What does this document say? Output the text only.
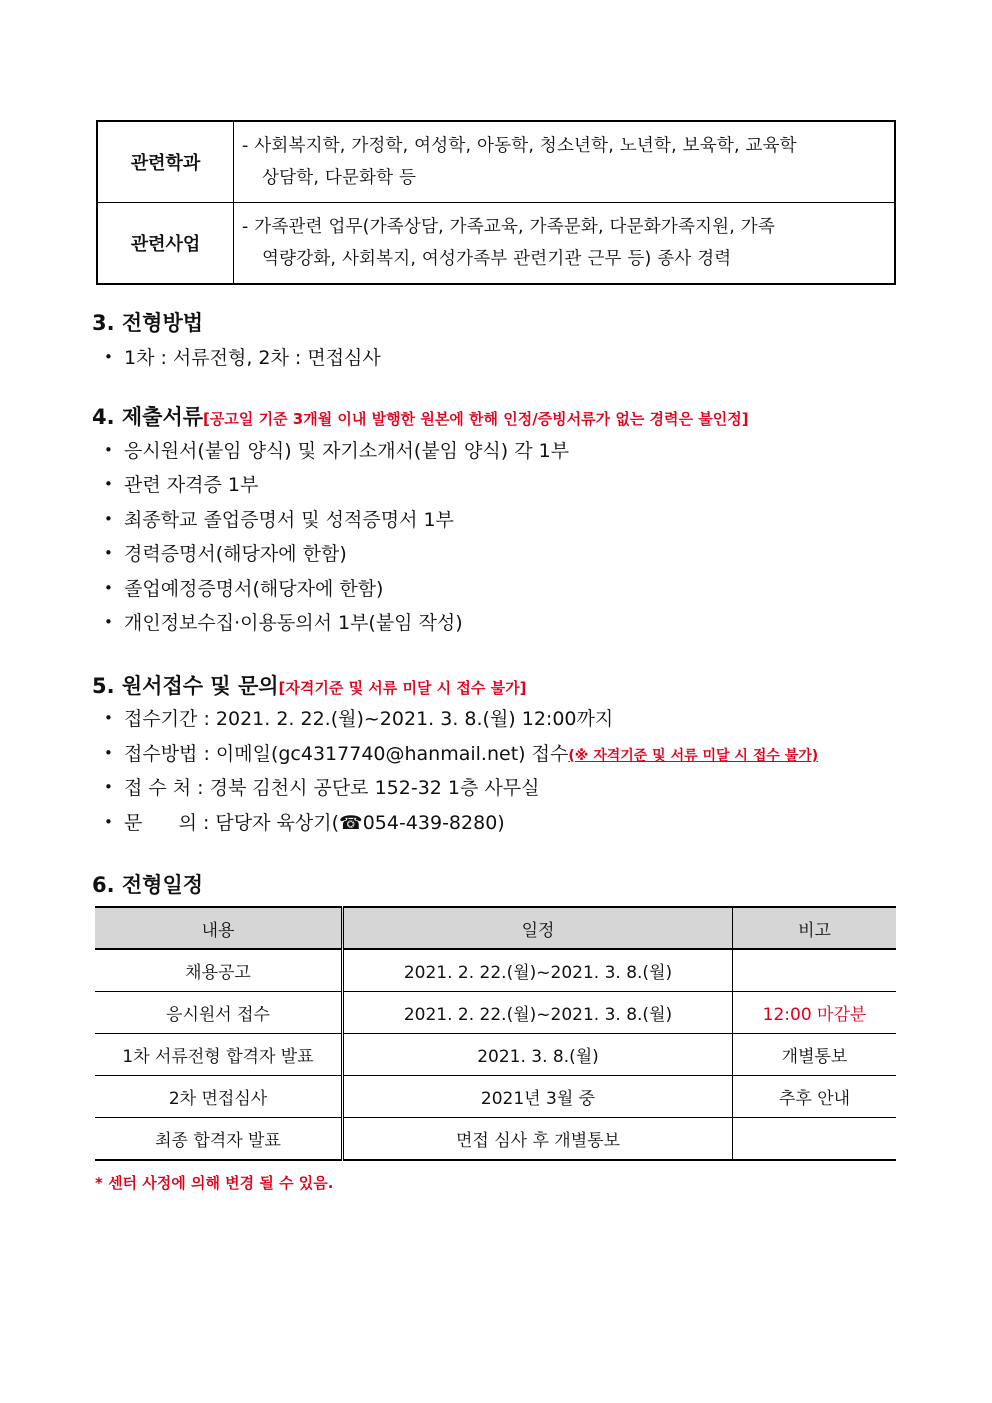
관련학과	- 사회복지학, 가정학, 여성학, 아동학, 청소년학, 노년학, 보육학, 교육학
상담학, 다문화학 등

관련사업	- 가족관련 업무(가족상담, 가족교육, 가족문화, 다문화가족지원, 가족
역량강화, 사회복지, 여성가족부 관련기관 근무 등) 종사 경력
3. 전형방법
• 1차 : 서류전형, 2차 : 면접심사
4. 제출서류[공고일 기준 3개월 이내 발행한 원본에 한해 인정/증빙서류가 없는 경력은 불인정]
• 응시원서(붙임 양식) 및 자기소개서(붙임 양식) 각 1부
• 관련 자격증 1부
• 최종학교 졸업증명서 및 성적증명서 1부
• 경력증명서(해당자에 한함)
• 졸업예정증명서(해당자에 한함)
• 개인정보수집·이용동의서 1부(붙임 작성)
5. 원서접수 및 문의[자격기준 및 서류 미달 시 접수 불가]
• 접수기간 : 2021. 2. 22.(월)~2021. 3. 8.(월) 12:00까지
• 접수방법 : 이메일(gc4317740@hanmail.net) 접수(※ 자격기준 및 서류 미달 시 접수 불가)
• 접 수 처 : 경북 김천시 공단로 152-32 1층 사무실
• 문      의 : 담당자 육상기(☎054-439-8280)
6. 전형일정
내용	일정	비고
채용공고	2021. 2. 22.(월)~2021. 3. 8.(월)	
응시원서 접수	2021. 2. 22.(월)~2021. 3. 8.(월)	12:00 마감분
1차 서류전형 합격자 발표	2021. 3. 8.(월)	개별통보
2차 면접심사	2021년 3월 중	추후 안내
최종 합격자 발표	면접 심사 후 개별통보	
* 센터 사정에 의해 변경 될 수 있음.
